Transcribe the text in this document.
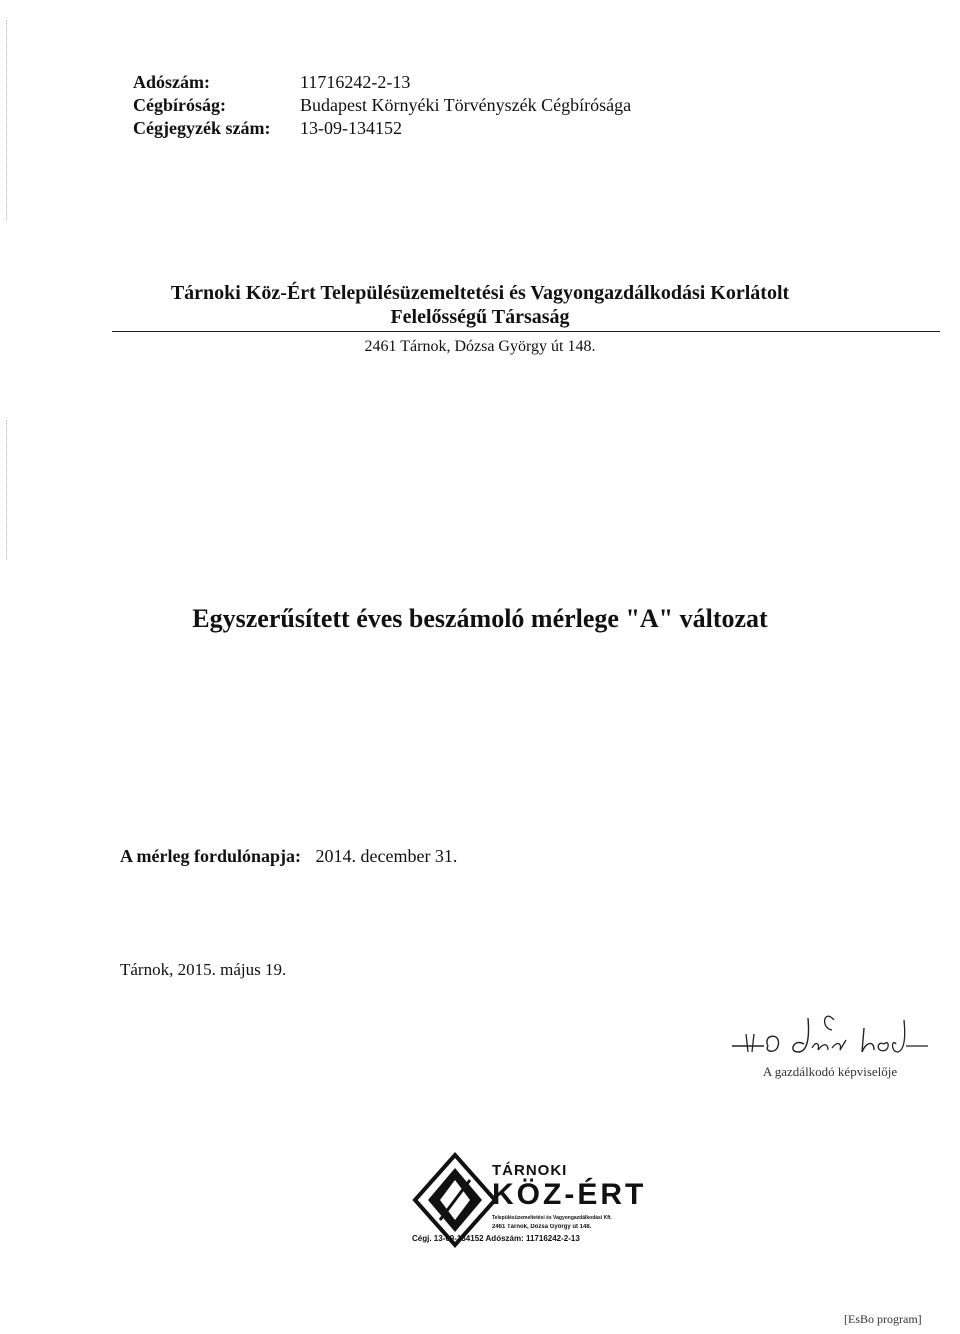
Adószám:	11716242-2-13
Cégbíróság:	Budapest Környéki Törvényszék Cégbírósága
Cégjegyzék szám: 13-09-134152
Tárnoki Köz-Ért Településüzemeltetési és Vagyongazdálkodási Korlátolt
Felelősségű Társaság
2461 Tárnok, Dózsa György út 148.
Egyszerűsített éves beszámoló mérlege "A" változat
A mérleg fordulónapja: 2014. december 31.
Tárnok, 2015. május 19.
A gazdálkodó képviselője
TÁRNOKI
KÖZ-ÉRT
Településüzemeltetési és Vagyongazdálkodási Kft.
2461 Tárnok, Dózsa György út 148.
Cégj. 13-09-134152 Adószám: 11716242-2-13
[EsBo program]
